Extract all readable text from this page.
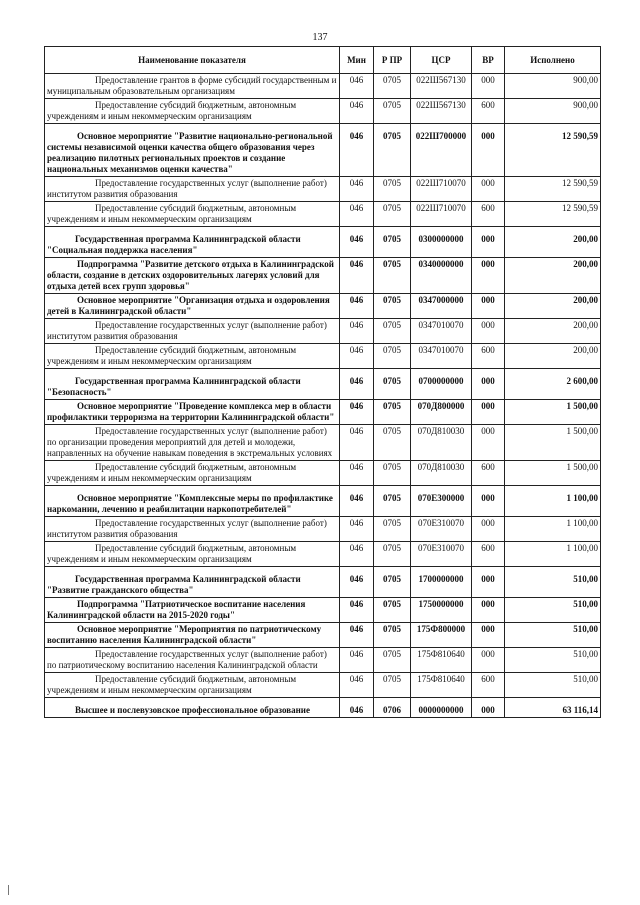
137
Наименование показателя	Мин	Р ПР	ЦСР	ВР	Исполнено
Предоставление грантов в форме субсидий государственным и муниципальным образовательным организациям	046	0705	022Ш567130	000	900,00
Предоставление субсидий бюджетным, автономным учреждениям и иным некоммерческим организациям	046	0705	022Ш567130	600	900,00
Основное мероприятие "Развитие национально-региональной системы независимой оценки качества общего образования через реализацию пилотных региональных проектов и создание национальных механизмов оценки качества"	046	0705	022Ш700000	000	12 590,59
Предоставление государственных услуг (выполнение работ) институтом развития образования	046	0705	022Ш710070	000	12 590,59
Предоставление субсидий бюджетным, автономным учреждениям и иным некоммерческим организациям	046	0705	022Ш710070	600	12 590,59
Государственная программа Калининградской области "Социальная поддержка населения"	046	0705	0300000000	000	200,00
Подпрограмма "Развитие детского отдыха в Калининградской области, создание в детских оздоровительных лагерях условий для отдыха детей всех групп здоровья"	046	0705	0340000000	000	200,00
Основное мероприятие "Организация отдыха и оздоровления детей в Калининградской области"	046	0705	0347000000	000	200,00
Предоставление государственных услуг (выполнение работ) институтом развития образования	046	0705	0347010070	000	200,00
Предоставление субсидий бюджетным, автономным учреждениям и иным некоммерческим организациям	046	0705	0347010070	600	200,00
Государственная программа Калининградской области "Безопасность"	046	0705	0700000000	000	2 600,00
Основное мероприятие "Проведение комплекса мер в области профилактики терроризма на территории Калининградской области"	046	0705	070Д800000	000	1 500,00
Предоставление государственных услуг (выполнение работ) по организации проведения мероприятий для детей и молодежи, направленных на обучение навыкам поведения в экстремальных условиях	046	0705	070Д810030	000	1 500,00
Предоставление субсидий бюджетным, автономным учреждениям и иным некоммерческим организациям	046	0705	070Д810030	600	1 500,00
Основное мероприятие "Комплексные меры по профилактике наркомании, лечению и реабилитации наркопотребителей"	046	0705	070Е300000	000	1 100,00
Предоставление государственных услуг (выполнение работ) институтом развития образования	046	0705	070Е310070	000	1 100,00
Предоставление субсидий бюджетным, автономным учреждениям и иным некоммерческим организациям	046	0705	070Е310070	600	1 100,00
Государственная программа Калининградской области "Развитие гражданского общества"	046	0705	1700000000	000	510,00
Подпрограмма "Патриотическое воспитание населения Калининградской области на 2015-2020 годы"	046	0705	1750000000	000	510,00
Основное мероприятие "Мероприятия по патриотическому воспитанию населения Калининградской области"	046	0705	175Ф800000	000	510,00
Предоставление государственных услуг (выполнение работ) по патриотическому воспитанию населения Калининградской области	046	0705	175Ф810640	000	510,00
Предоставление субсидий бюджетным, автономным учреждениям и иным некоммерческим организациям	046	0705	175Ф810640	600	510,00
Высшее и послевузовское профессиональное образование	046	0706	0000000000	000	63 116,14
